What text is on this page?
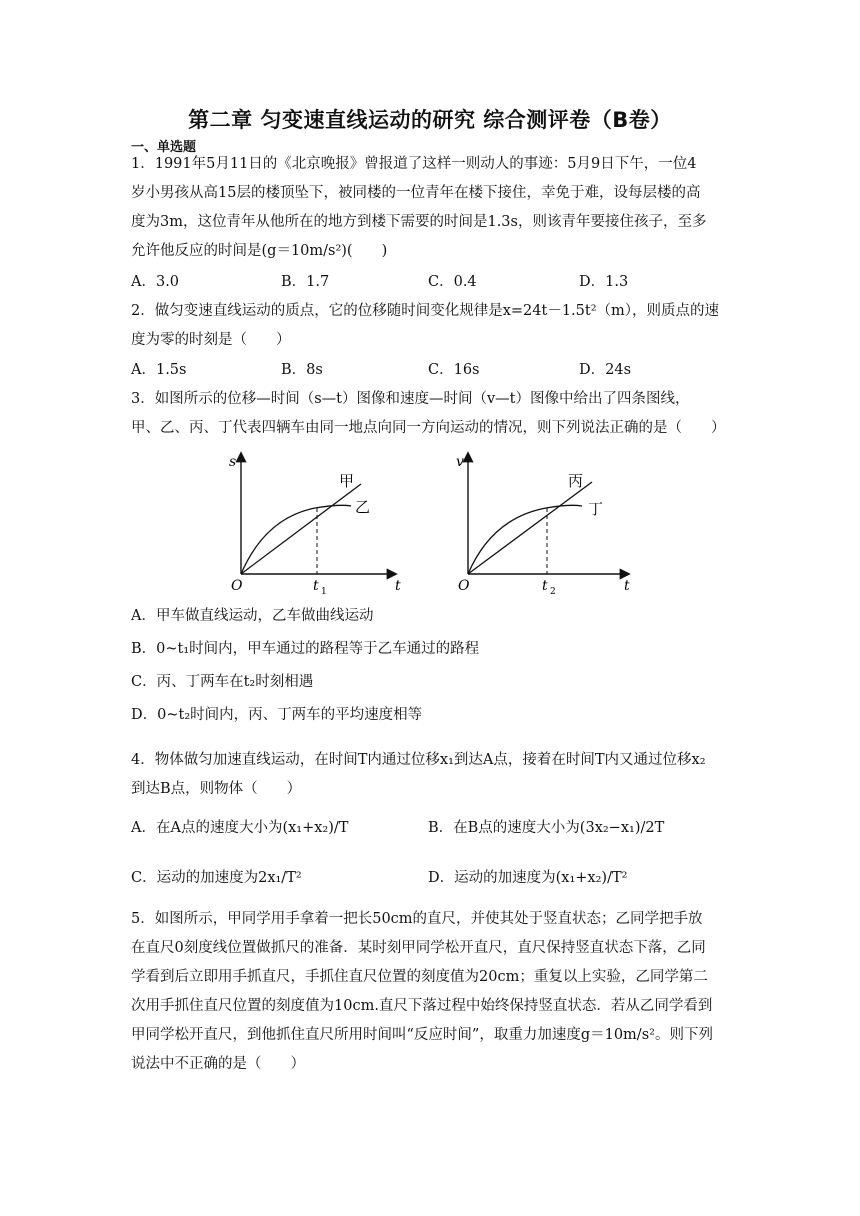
第二章 匀变速直线运动的研究 综合测评卷（B卷）
一、单选题

1．1991年5月11日的《北京晚报》曾报道了这样一则动人的事迹：5月9日下午，一位4

岁小男孩从高15层的楼顶坠下，被同楼的一位青年在楼下接住，幸免于难，设每层楼的高

度为3m，这位青年从他所在的地方到楼下需要的时间是1.3s，则该青年要接住孩子，至多

允许他反应的时间是(g＝10m/s²)(　　)

A．3.0	B．1.7	C．0.4	D．1.3

2．做匀变速直线运动的质点，它的位移随时间变化规律是x=24t－1.5t²（m），则质点的速

度为零的时刻是（　　）

A．1.5s	B．8s	C．16s	D．24s

3．如图所示的位移—时间（s—t）图像和速度—时间（v—t）图像中给出了四条图线，

甲、乙、丙、丁代表四辆车由同一地点向同一方向运动的情况，则下列说法正确的是（　　）

s
t
O	t 1
甲
乙
v
t
O	t 2
丙
丁
A．甲车做直线运动，乙车做曲线运动
B．0~t₁时间内，甲车通过的路程等于乙车通过的路程
C．丙、丁两车在t₂时刻相遇
D．0~t₂时间内，丙、丁两车的平均速度相等

4．物体做匀加速直线运动，在时间T内通过位移x₁到达A点，接着在时间T内又通过位移x₂

到达B点，则物体（　　）

A．在A点的速度大小为(x₁+x₂)/T	B．在B点的速度大小为(3x₂−x₁)/2T
C．运动的加速度为2x₁/T²	D．运动的加速度为(x₁+x₂)/T²

5．如图所示，甲同学用手拿着一把长50cm的直尺，并使其处于竖直状态；乙同学把手放

在直尺0刻度线位置做抓尺的准备．某时刻甲同学松开直尺，直尺保持竖直状态下落，乙同

学看到后立即用手抓直尺，手抓住直尺位置的刻度值为20cm；重复以上实验，乙同学第二

次用手抓住直尺位置的刻度值为10cm.直尺下落过程中始终保持竖直状态．若从乙同学看到

甲同学松开直尺，到他抓住直尺所用时间叫“反应时间”，取重力加速度g＝10m/s²。则下列

说法中不正确的是（　　）
